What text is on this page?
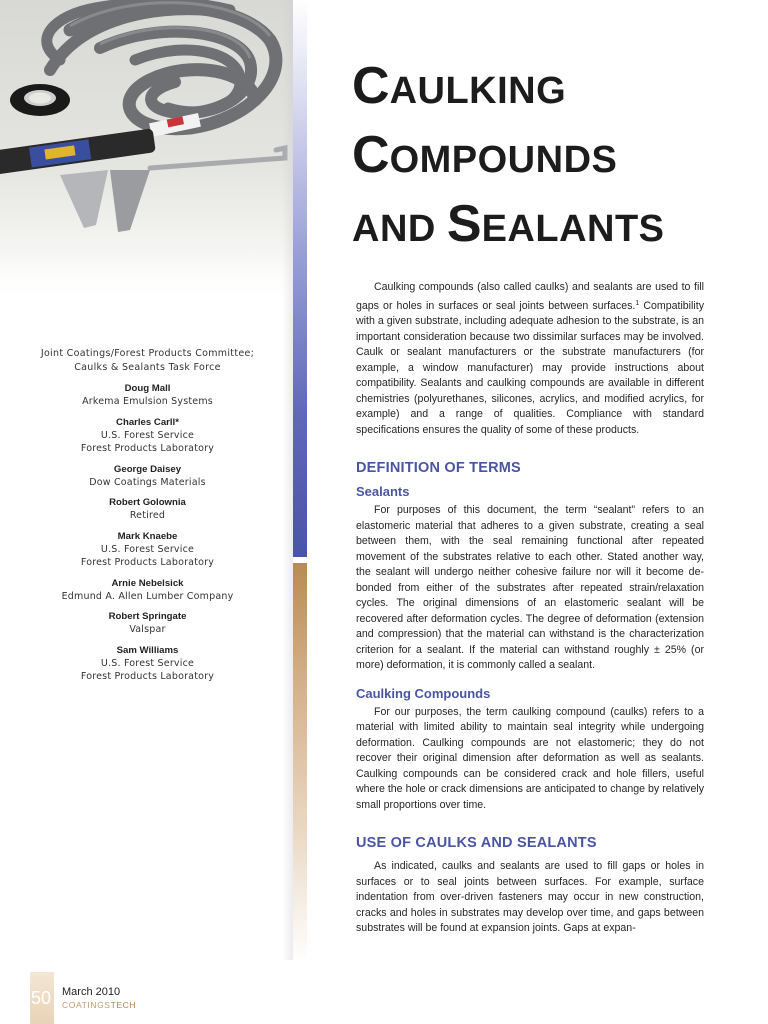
Joint Coatings/Forest Products Committee;
Caulks & Sealants Task Force
Doug Mall
Arkema Emulsion Systems
Charles Carll*
U.S. Forest Service
Forest Products Laboratory
George Daisey
Dow Coatings Materials
Robert Golownia
Retired
Mark Knaebe
U.S. Forest Service
Forest Products Laboratory
Arnie Nebelsick
Edmund A. Allen Lumber Company
Robert Springate
Valspar
Sam Williams
U.S. Forest Service
Forest Products Laboratory
CAULKING
COMPOUNDS
AND SEALANTS

Caulking compounds (also called caulks) and sealants are used to fill gaps or holes in surfaces or seal joints between surfaces.$^1$ Compatibility with a given substrate, including adequate adhesion to the substrate, is an important consideration because two dissimilar surfaces may be involved. Caulk or sealant manufacturers or the substrate manufacturers (for example, a window manufacturer) may provide instructions about compatibility. Sealants and caulking compounds are available in different chemistries (polyurethanes, silicones, acrylics, and modified acrylics, for example) and a range of qualities. Compliance with standard specifications ensures the quality of some of these products.

DEFINITION OF TERMS
Sealants

For purposes of this document, the term “sealant” refers to an elastomeric material that adheres to a given substrate, creating a seal between them, with the seal remaining functional after repeated movement of the substrates relative to each other. Stated another way, the sealant will undergo neither cohesive failure nor will it become de-bonded from either of the substrates after repeated strain/relaxation cycles. The original dimensions of an elastomeric sealant will be recovered after deformation cycles. The degree of deformation (extension and compression) that the material can withstand is the characterization criterion for a sealant. If the material can withstand roughly ± 25% (or more) deformation, it is commonly called a sealant.

Caulking Compounds

For our purposes, the term caulking compound (caulks) refers to a material with limited ability to maintain seal integrity while undergoing deformation. Caulking compounds are not elastomeric; they do not recover their original dimension after deformation as well as sealants. Caulking compounds can be considered crack and hole fillers, useful where the hole or crack dimensions are anticipated to change by relatively small proportions over time.

USE OF CAULKS AND SEALANTS

As indicated, caulks and sealants are used to fill gaps or holes in surfaces or to seal joints between surfaces. For example, surface indentation from over-driven fasteners may occur in new construction, cracks and holes in substrates may develop over time, and gaps between substrates will be found at expansion joints. Gaps at expan-

50 March 2010
COATINGSTECH
